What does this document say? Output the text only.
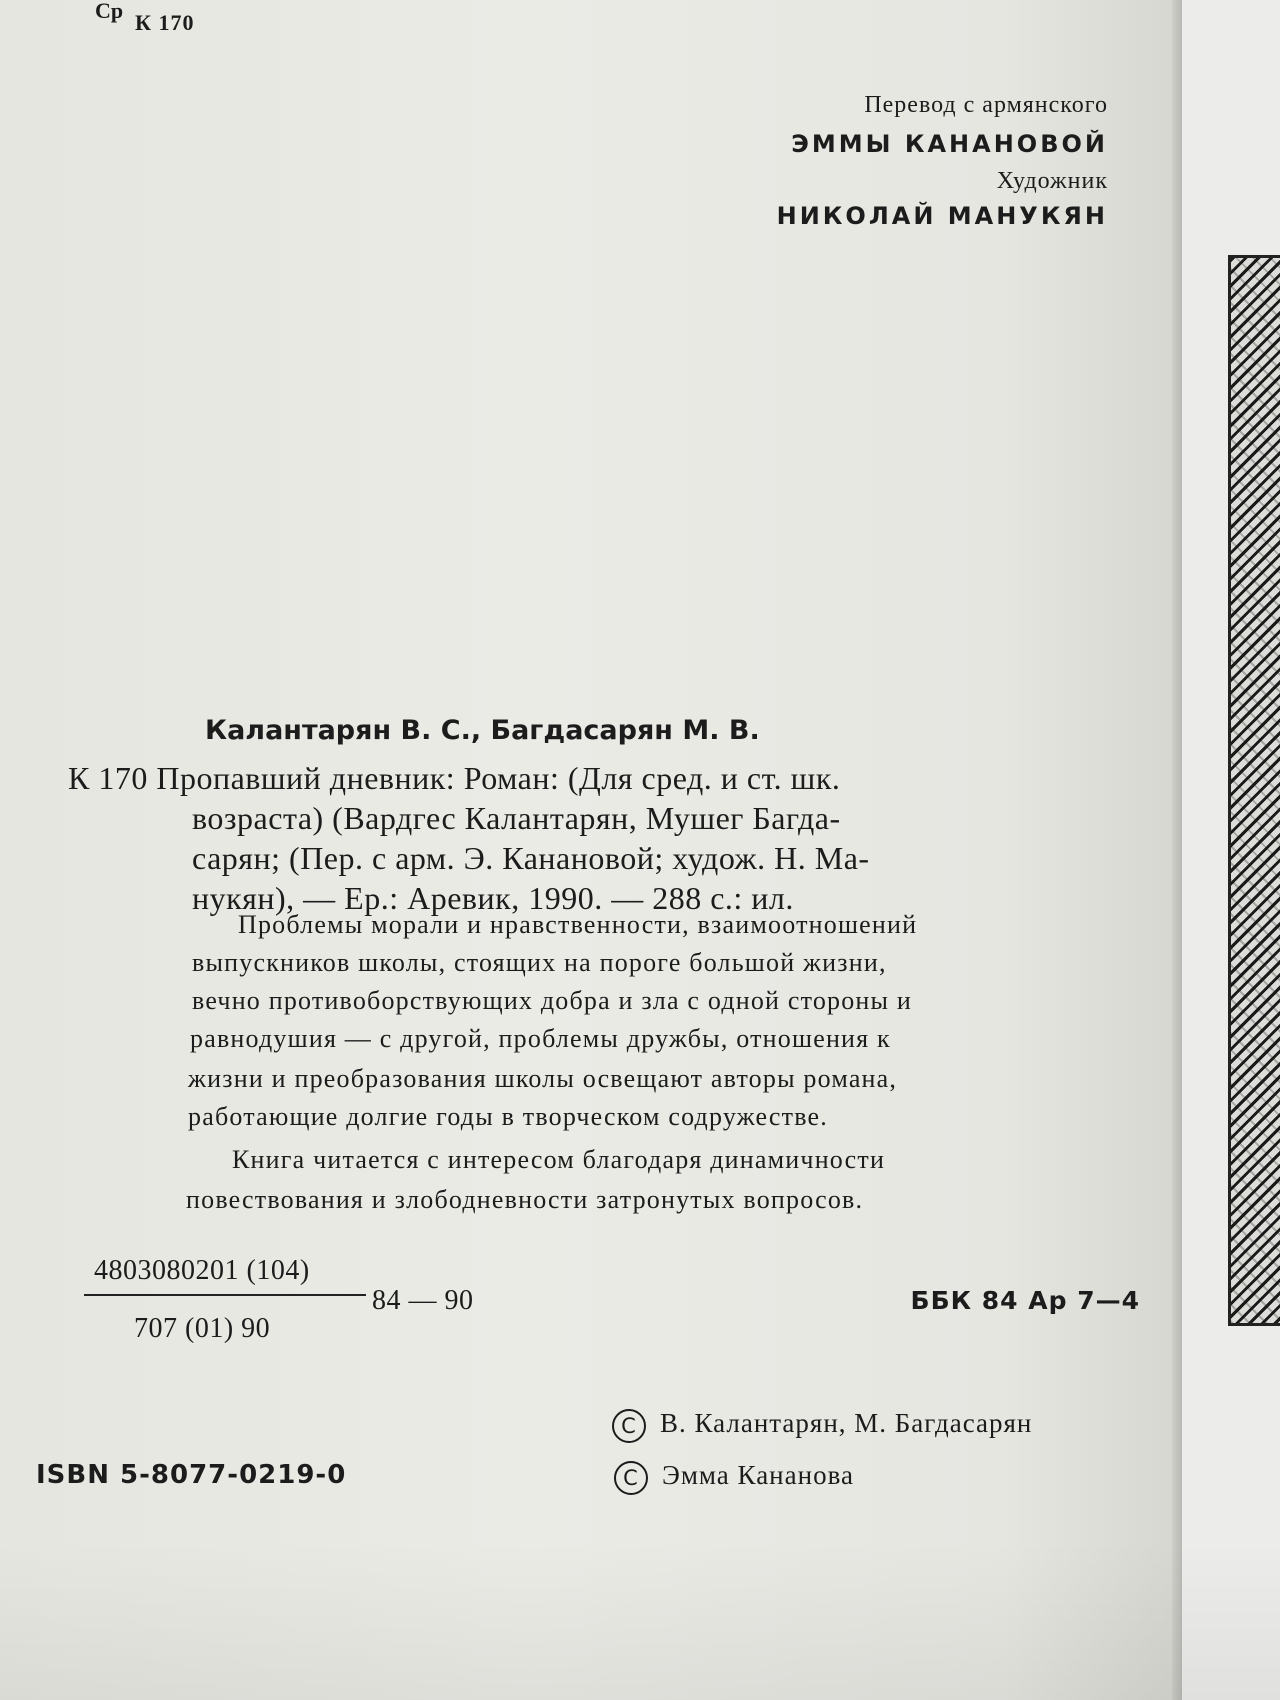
Ср К 170
Перевод с армянского
ЭММЫ КАНАНОВОЙ
Художник
НИКОЛАЙ МАНУКЯН
Калантарян В. С., Багдасарян М. В.
К 170 Пропавший дневник: Роман: (Для сред. и ст. шк.
возраста) (Вардгес Калантарян, Мушег Багда-
сарян; (Пер. с арм. Э. Канановой; худож. Н. Ма-
нукян), — Ер.: Аревик, 1990. — 288 с.: ил.
Проблемы морали и нравственности, взаимоотношений
выпускников школы, стоящих на пороге большой жизни,
вечно противоборствующих добра и зла с одной стороны и
равнодушия — с другой, проблемы дружбы, отношения к
жизни и преобразования школы освещают авторы романа,
работающие долгие годы в творческом содружестве.
Книга читается с интересом благодаря динамичности
повествования и злободневности затронутых вопросов.
4803080201 (104)
707 (01) 90
84 — 90	ББК 84 Ар 7—4
C В. Калантарян, М. Багдасарян
C Эмма Кананова
ISBN 5-8077-0219-0
